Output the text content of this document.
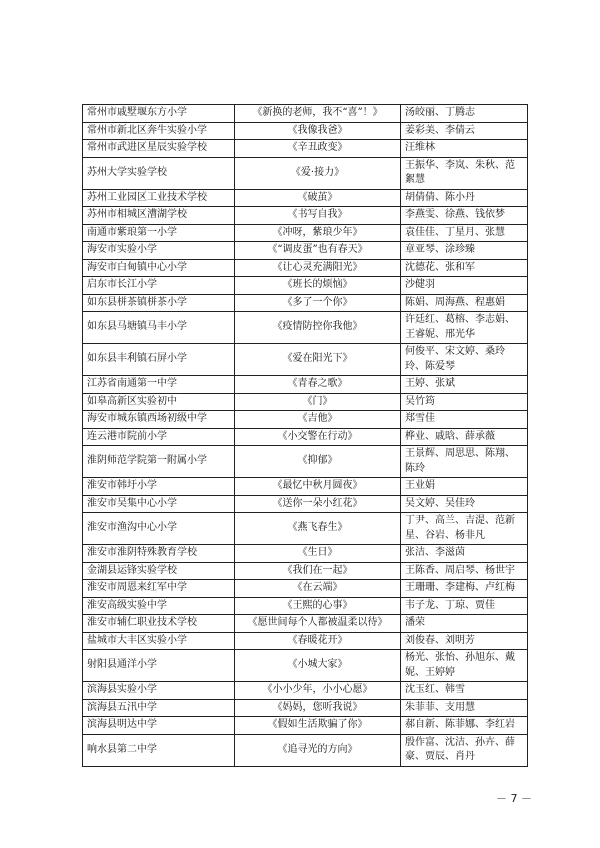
常州市戚墅堰东方小学	《新换的老师，我不“喜”！》	汤皎丽、丁腾志
常州市新北区奔牛实验小学	《我像我爸》	姜彩美、李倩云
常州市武进区星辰实验学校	《辛丑政变》	汪维林
苏州大学实验学校	《爱·接力》	王振华、李岚、朱秋、范絮慧
苏州工业园区工业技术学校	《破茧》	胡倩倩、陈小丹
苏州市相城区漕湖学校	《书写自我》	李燕雯、徐燕、钱依梦
南通市紫琅第一小学	《冲呀，紫琅少年》	袁佳佳、丁星月、张慧
海安市实验小学	《“调皮蛋”也有春天》	章亚琴、涂珍臻
海安市白甸镇中心小学	《让心灵充满阳光》	沈德花、张和军
启东市长江小学	《班长的烦恼》	沙健羽
如东县栟茶镇栟茶小学	《多了一个你》	陈娟、周海燕、程惠娟
如东县马塘镇马丰小学	《疫情防控你我他》	许廷红、葛榕、李志娟、王睿妮、邢光华
如东县丰利镇石屏小学	《爱在阳光下》	何俊平、宋文婷、桑玲玲、陈爱琴
江苏省南通第一中学	《青春之歌》	王婷、张斌
如皋高新区实验初中	《门》	吴竹筠
海安市城东镇西场初级中学	《吉他》	郑雪佳
连云港市院前小学	《小交警在行动》	桦业、戚晗、薛承薇
淮阴师范学院第一附属小学	《抑郁》	王景辉、周思思、陈翔、陈玲
淮安市韩圩小学	《最忆中秋月圆夜》	王业娟
淮安市吴集中心小学	《送你一朵小红花》	吴文婷、吴佳玲
淮安市渔沟中心小学	《燕飞春生》	丁尹、高兰、吉湜、范新星、谷岩、杨非凡
淮安市淮阴特殊教育学校	《生日》	张洁、李滋茵
金湖县运锋实验学校	《我们在一起》	王陈香、周启琴、杨世宇
淮安市周恩来红军中学	《在云端》	王珊珊、李建梅、卢红梅
淮安高级实验中学	《王熙的心事》	韦子龙、丁琼、贾佳
淮安市辅仁职业技术学校	《愿世间每个人都被温柔以待》	潘荣
盐城市大丰区实验小学	《春暖花开》	刘俊春、刘明芳
射阳县通洋小学	《小城大家》	杨光、张怡、孙旭东、戴妮、王婷婷
滨海县实验小学	《小小少年，小小心愿》	沈玉红、韩雪
滨海县五汛中学	《妈妈，您听我说》	朱菲菲、支用慧
滨海县明达中学	《假如生活欺骗了你》	郝自新、陈菲娜、李红岩
响水县第二中学	《追寻光的方向》	殷作富、沈洁、孙卉、薛豪、贾辰、肖丹
－ 7 －
